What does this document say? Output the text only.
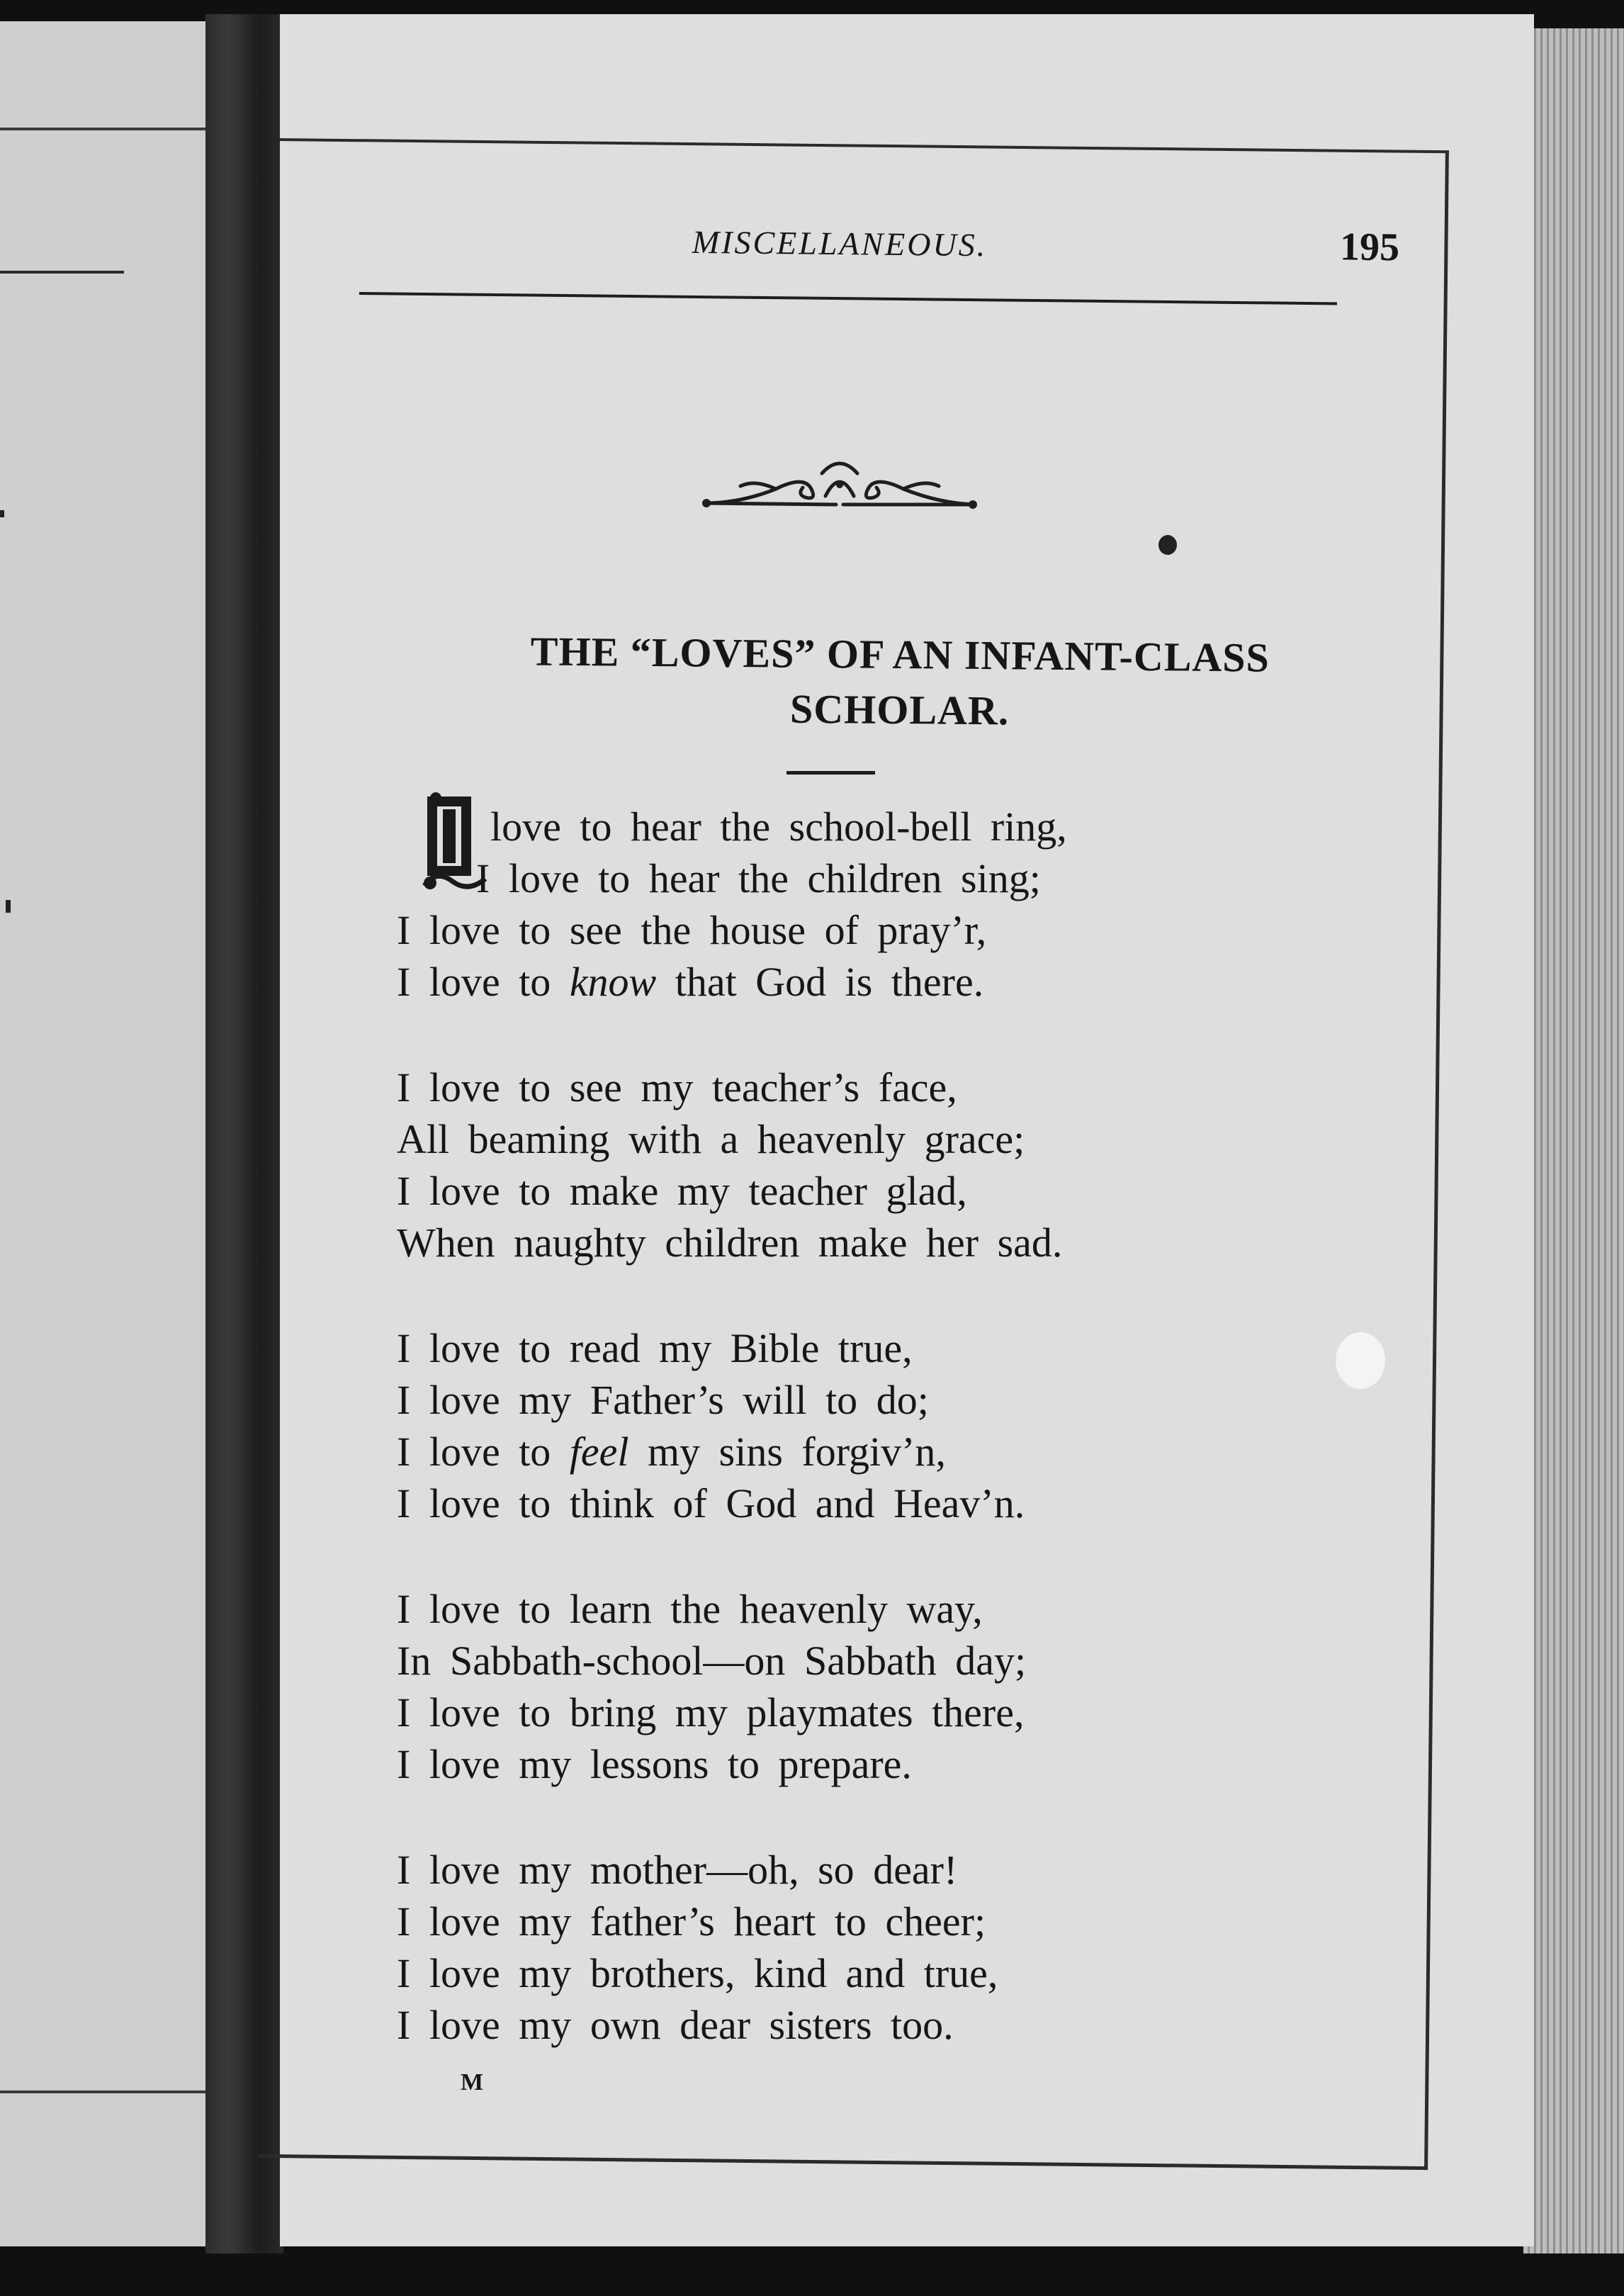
MISCELLANEOUS.	195
THE “LOVES” OF AN INFANT-CLASS
SCHOLAR.
love to hear the school-bell ring,
I love to hear the children sing;
I love to see the house of pray’r,
I love to know that God is there.
I love to see my teacher’s face,
All beaming with a heavenly grace;
I love to make my teacher glad,
When naughty children make her sad.
I love to read my Bible true,
I love my Father’s will to do;
I love to feel my sins forgiv’n,
I love to think of God and Heav’n.
I love to learn the heavenly way,
In Sabbath-school—on Sabbath day;
I love to bring my playmates there,
I love my lessons to prepare.
I love my mother—oh, so dear!
I love my father’s heart to cheer;
I love my brothers, kind and true,
I love my own dear sisters too.
M
